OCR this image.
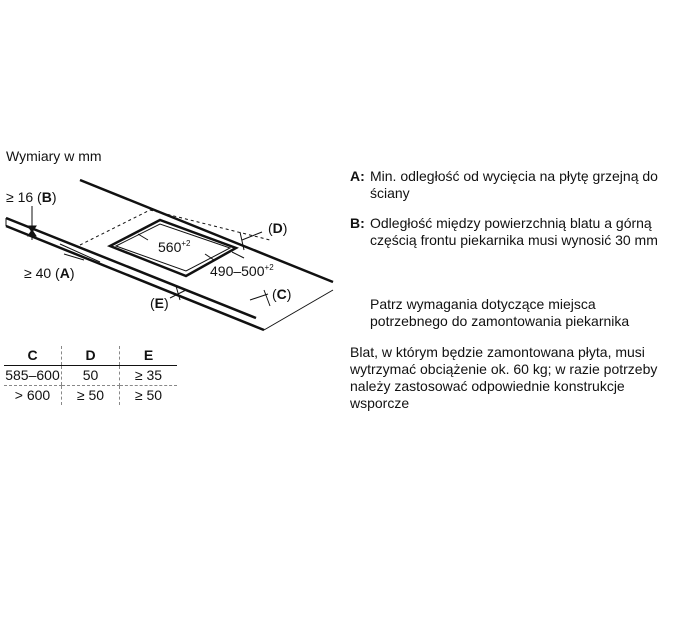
Wymiary w mm
$560^{+2}$
$490-500^{+2}$
(D)
(C)
(E)
≥ 16 (B)
≥ 40 (A)
C	D	E
585–600	50	≥ 35
> 600	≥ 50	≥ 50
A: Min. odległość od wycięcia na płytę grzejną do ściany
B: Odległość między powierzchnią blatu a górną częścią frontu piekarnika musi wynosić 30 mm
Patrz wymagania dotyczące miejsca potrzebnego do zamontowania piekarnika
Blat, w którym będzie zamontowana płyta, musi wytrzymać obciążenie ok. 60 kg; w razie potrzeby należy zastosować odpowiednie konstrukcje wsporcze
